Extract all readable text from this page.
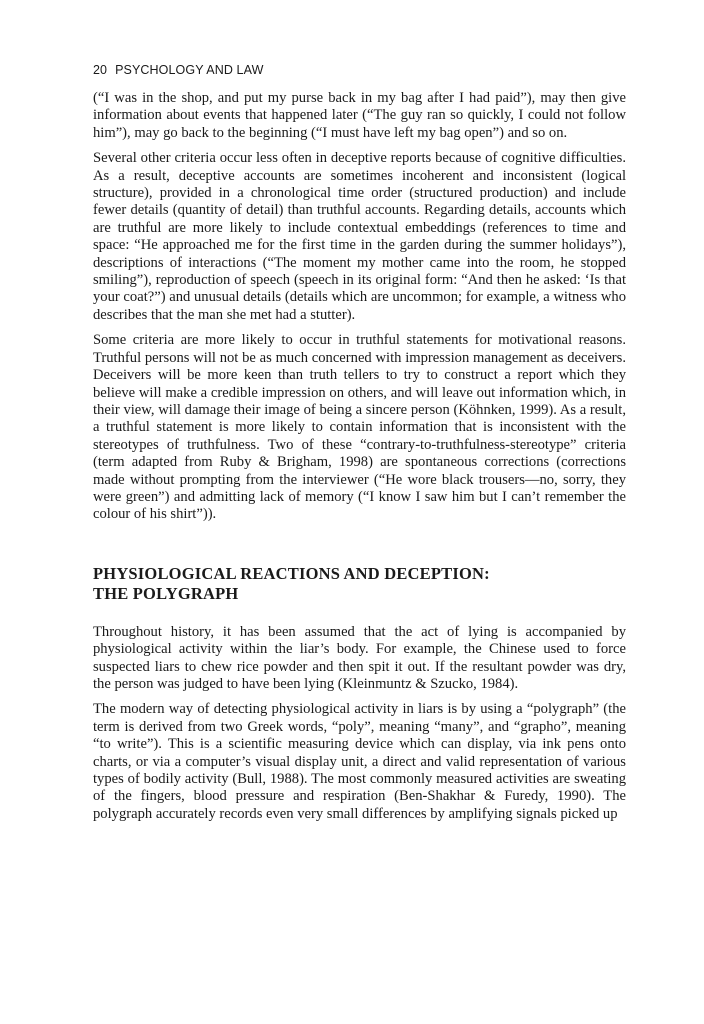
20 PSYCHOLOGY AND LAW

(“I was in the shop, and put my purse back in my bag after I had paid”), may then give information about events that happened later (“The guy ran so quickly, I could not follow him”), may go back to the beginning (“I must have left my bag open”) and so on.

Several other criteria occur less often in deceptive reports because of cognitive difficulties. As a result, deceptive accounts are sometimes incoherent and inconsistent (logical structure), provided in a chronological time order (structured production) and include fewer details (quantity of detail) than truthful accounts. Regarding details, accounts which are truthful are more likely to include contextual embeddings (references to time and space: “He approached me for the first time in the garden during the summer holidays”), descriptions of interactions (“The moment my mother came into the room, he stopped smiling”), reproduction of speech (speech in its original form: “And then he asked: ‘Is that your coat?”) and unusual details (details which are uncommon; for example, a witness who describes that the man she met had a stutter).

Some criteria are more likely to occur in truthful statements for motivational reasons. Truthful persons will not be as much concerned with impression management as deceivers. Deceivers will be more keen than truth tellers to try to construct a report which they believe will make a credible impression on others, and will leave out information which, in their view, will damage their image of being a sincere person (Köhnken, 1999). As a result, a truthful statement is more likely to contain information that is inconsistent with the stereotypes of truthfulness. Two of these “contrary-to-truthfulness-stereotype” criteria (term adapted from Ruby & Brigham, 1998) are spontaneous corrections (corrections made without prompting from the interviewer (“He wore black trousers—no, sorry, they were green”) and admitting lack of memory (“I know I saw him but I can’t remember the colour of his shirt”)).

PHYSIOLOGICAL REACTIONS AND DECEPTION:
THE POLYGRAPH

Throughout history, it has been assumed that the act of lying is accompanied by physiological activity within the liar’s body. For example, the Chinese used to force suspected liars to chew rice powder and then spit it out. If the resultant powder was dry, the person was judged to have been lying (Kleinmuntz & Szucko, 1984).

The modern way of detecting physiological activity in liars is by using a “polygraph” (the term is derived from two Greek words, “poly”, meaning “many”, and “grapho”, meaning “to write”). This is a scientific measuring device which can display, via ink pens onto charts, or via a computer’s visual display unit, a direct and valid representation of various types of bodily activity (Bull, 1988). The most commonly measured activities are sweating of the fingers, blood pressure and respiration (Ben-Shakhar & Furedy, 1990). The polygraph accurately records even very small differences by amplifying signals picked up
